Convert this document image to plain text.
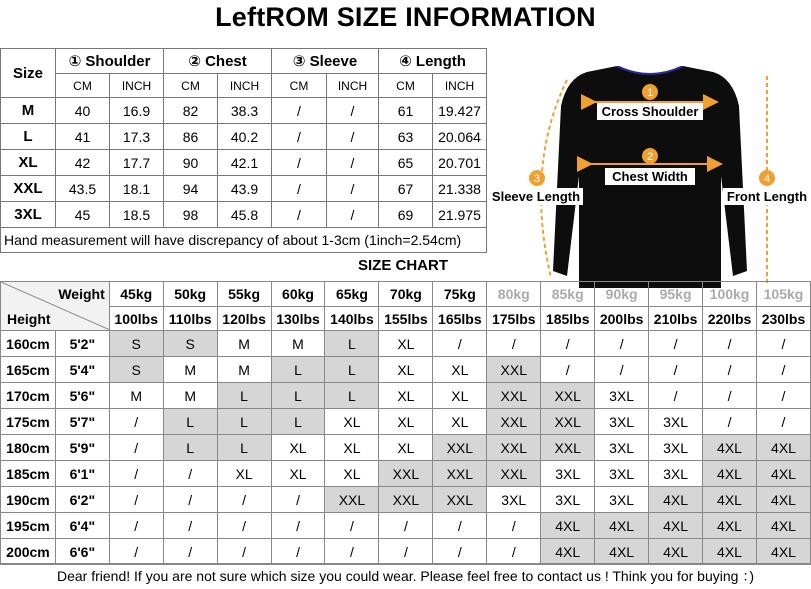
LeftROM SIZE INFORMATION
Size	① Shoulder		② Chest		③ Sleeve		④ Length	
	CM	INCH	CM	INCH	CM	INCH	CM	INCH
M	40	16.9	82	38.3	/	/	61	19.427
L	41	17.3	86	40.2	/	/	63	20.064
XL	42	17.7	90	42.1	/	/	65	20.701
XXL	43.5	18.1	94	43.9	/	/	67	21.338
3XL	45	18.5	98	45.8	/	/	69	21.975
Hand measurement will have discrepancy of about 1-3cm (1inch=2.54cm)								
1
Cross Shoulder
2
Chest Width
3
Sleeve Length
4
Front Length
SIZE CHART
Weight
Height		45kg	50kg	55kg	60kg	65kg	70kg	75kg	80kg	85kg	90kg	95kg	100kg	105kg
		100lbs	110lbs	120lbs	130lbs	140lbs	155lbs	165lbs	175lbs	185lbs	200lbs	210lbs	220lbs	230lbs
160cm	5'2"	S	S	M	M	L	XL	/	/	/	/	/	/	/
165cm	5'4"	S	M	M	L	L	XL	XL	XXL	/	/	/	/	/
170cm	5'6"	M	M	L	L	L	XL	XL	XXL	XXL	3XL	/	/	/
175cm	5'7"	/	L	L	L	XL	XL	XL	XXL	XXL	3XL	3XL	/	/
180cm	5'9"	/	L	L	XL	XL	XL	XXL	XXL	XXL	3XL	3XL	4XL	4XL
185cm	6'1"	/	/	XL	XL	XL	XXL	XXL	XXL	3XL	3XL	3XL	4XL	4XL
190cm	6'2"	/	/	/	/	XXL	XXL	XXL	3XL	3XL	3XL	4XL	4XL	4XL
195cm	6'4"	/	/	/	/	/	/	/	/	4XL	4XL	4XL	4XL	4XL
200cm	6'6"	/	/	/	/	/	/	/	/	4XL	4XL	4XL	4XL	4XL
Dear friend! If you are not sure which size you could wear. Please feel free to contact us ! Think you for buying ：)
